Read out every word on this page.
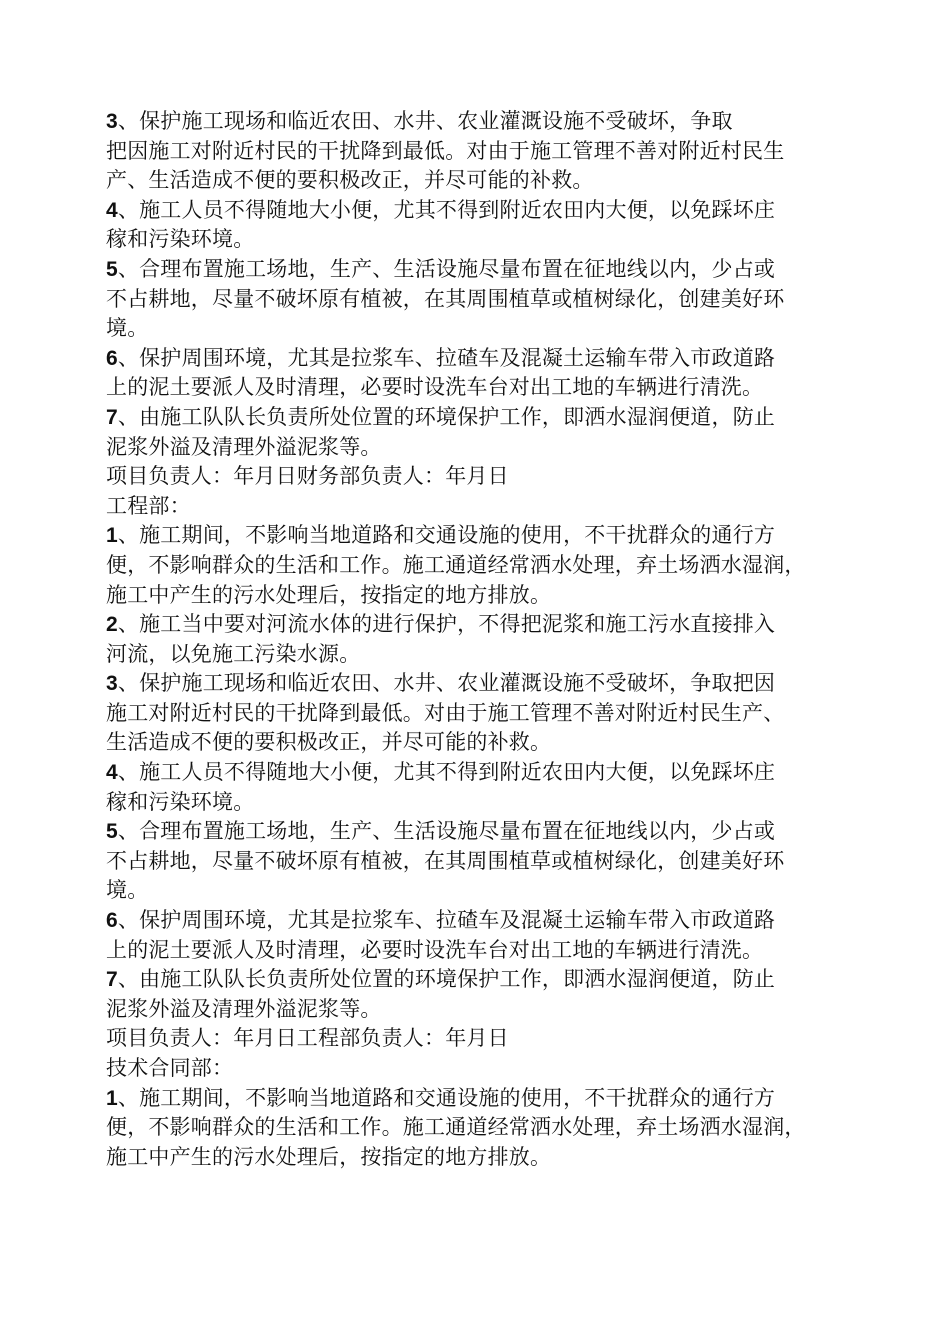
3、保护施工现场和临近农田、水井、农业灌溉设施不受破坏，争取
把因施工对附近村民的干扰降到最低。对由于施工管理不善对附近村民生
产、生活造成不便的要积极改正，并尽可能的补救。
4、施工人员不得随地大小便，尤其不得到附近农田内大便，以免踩坏庄
稼和污染环境。
5、合理布置施工场地，生产、生活设施尽量布置在征地线以内，少占或
不占耕地，尽量不破坏原有植被，在其周围植草或植树绿化，创建美好环
境。
6、保护周围环境，尤其是拉浆车、拉碴车及混凝土运输车带入市政道路
上的泥土要派人及时清理，必要时设洗车台对出工地的车辆进行清洗。
7、由施工队队长负责所处位置的环境保护工作，即洒水湿润便道，防止
泥浆外溢及清理外溢泥浆等。
项目负责人：年月日财务部负责人：年月日
工程部：
1、施工期间，不影响当地道路和交通设施的使用，不干扰群众的通行方
便，不影响群众的生活和工作。施工通道经常洒水处理，弃土场洒水湿润，
施工中产生的污水处理后，按指定的地方排放。
2、施工当中要对河流水体的进行保护，不得把泥浆和施工污水直接排入
河流，以免施工污染水源。
3、保护施工现场和临近农田、水井、农业灌溉设施不受破坏，争取把因
施工对附近村民的干扰降到最低。对由于施工管理不善对附近村民生产、
生活造成不便的要积极改正，并尽可能的补救。
4、施工人员不得随地大小便，尤其不得到附近农田内大便，以免踩坏庄
稼和污染环境。
5、合理布置施工场地，生产、生活设施尽量布置在征地线以内，少占或
不占耕地，尽量不破坏原有植被，在其周围植草或植树绿化，创建美好环
境。
6、保护周围环境，尤其是拉浆车、拉碴车及混凝土运输车带入市政道路
上的泥土要派人及时清理，必要时设洗车台对出工地的车辆进行清洗。
7、由施工队队长负责所处位置的环境保护工作，即洒水湿润便道，防止
泥浆外溢及清理外溢泥浆等。
项目负责人：年月日工程部负责人：年月日
技术合同部：
1、施工期间，不影响当地道路和交通设施的使用，不干扰群众的通行方
便，不影响群众的生活和工作。施工通道经常洒水处理，弃土场洒水湿润，
施工中产生的污水处理后，按指定的地方排放。
